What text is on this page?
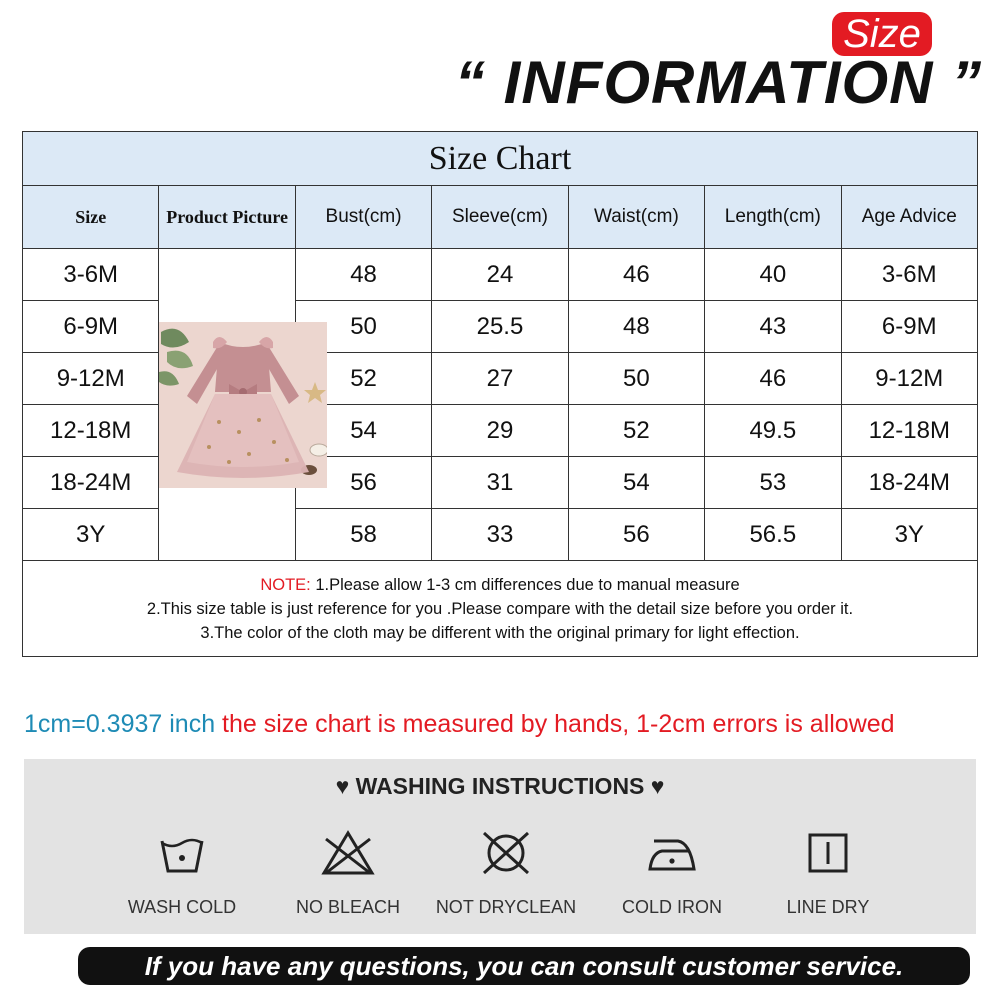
Size
“ INFORMATION ”
Size Chart						
Size	Product Picture	Bust(cm)	Sleeve(cm)	Waist(cm)	Length(cm)	Age Advice
3-6M		48	24	46	40	3-6M
6-9M		50	25.5	48	43	6-9M
9-12M		52	27	50	46	9-12M
12-18M		54	29	52	49.5	12-18M
18-24M		56	31	54	53	18-24M
3Y		58	33	56	56.5	3Y

NOTE: 1.Please allow 1-3 cm differences due to manual measure
2.This size table is just reference for you .Please compare with the detail size before you order it.
3.The color of the cloth may be different with the original primary for light effection.						
1cm=0.3937 inch the size chart is measured by hands, 1-2cm errors is allowed
♥ WASHING INSTRUCTIONS ♥
WASH COLD	NO BLEACH	NOT DRYCLEAN	COLD IRON	LINE DRY
If you have any questions, you can consult customer service.
